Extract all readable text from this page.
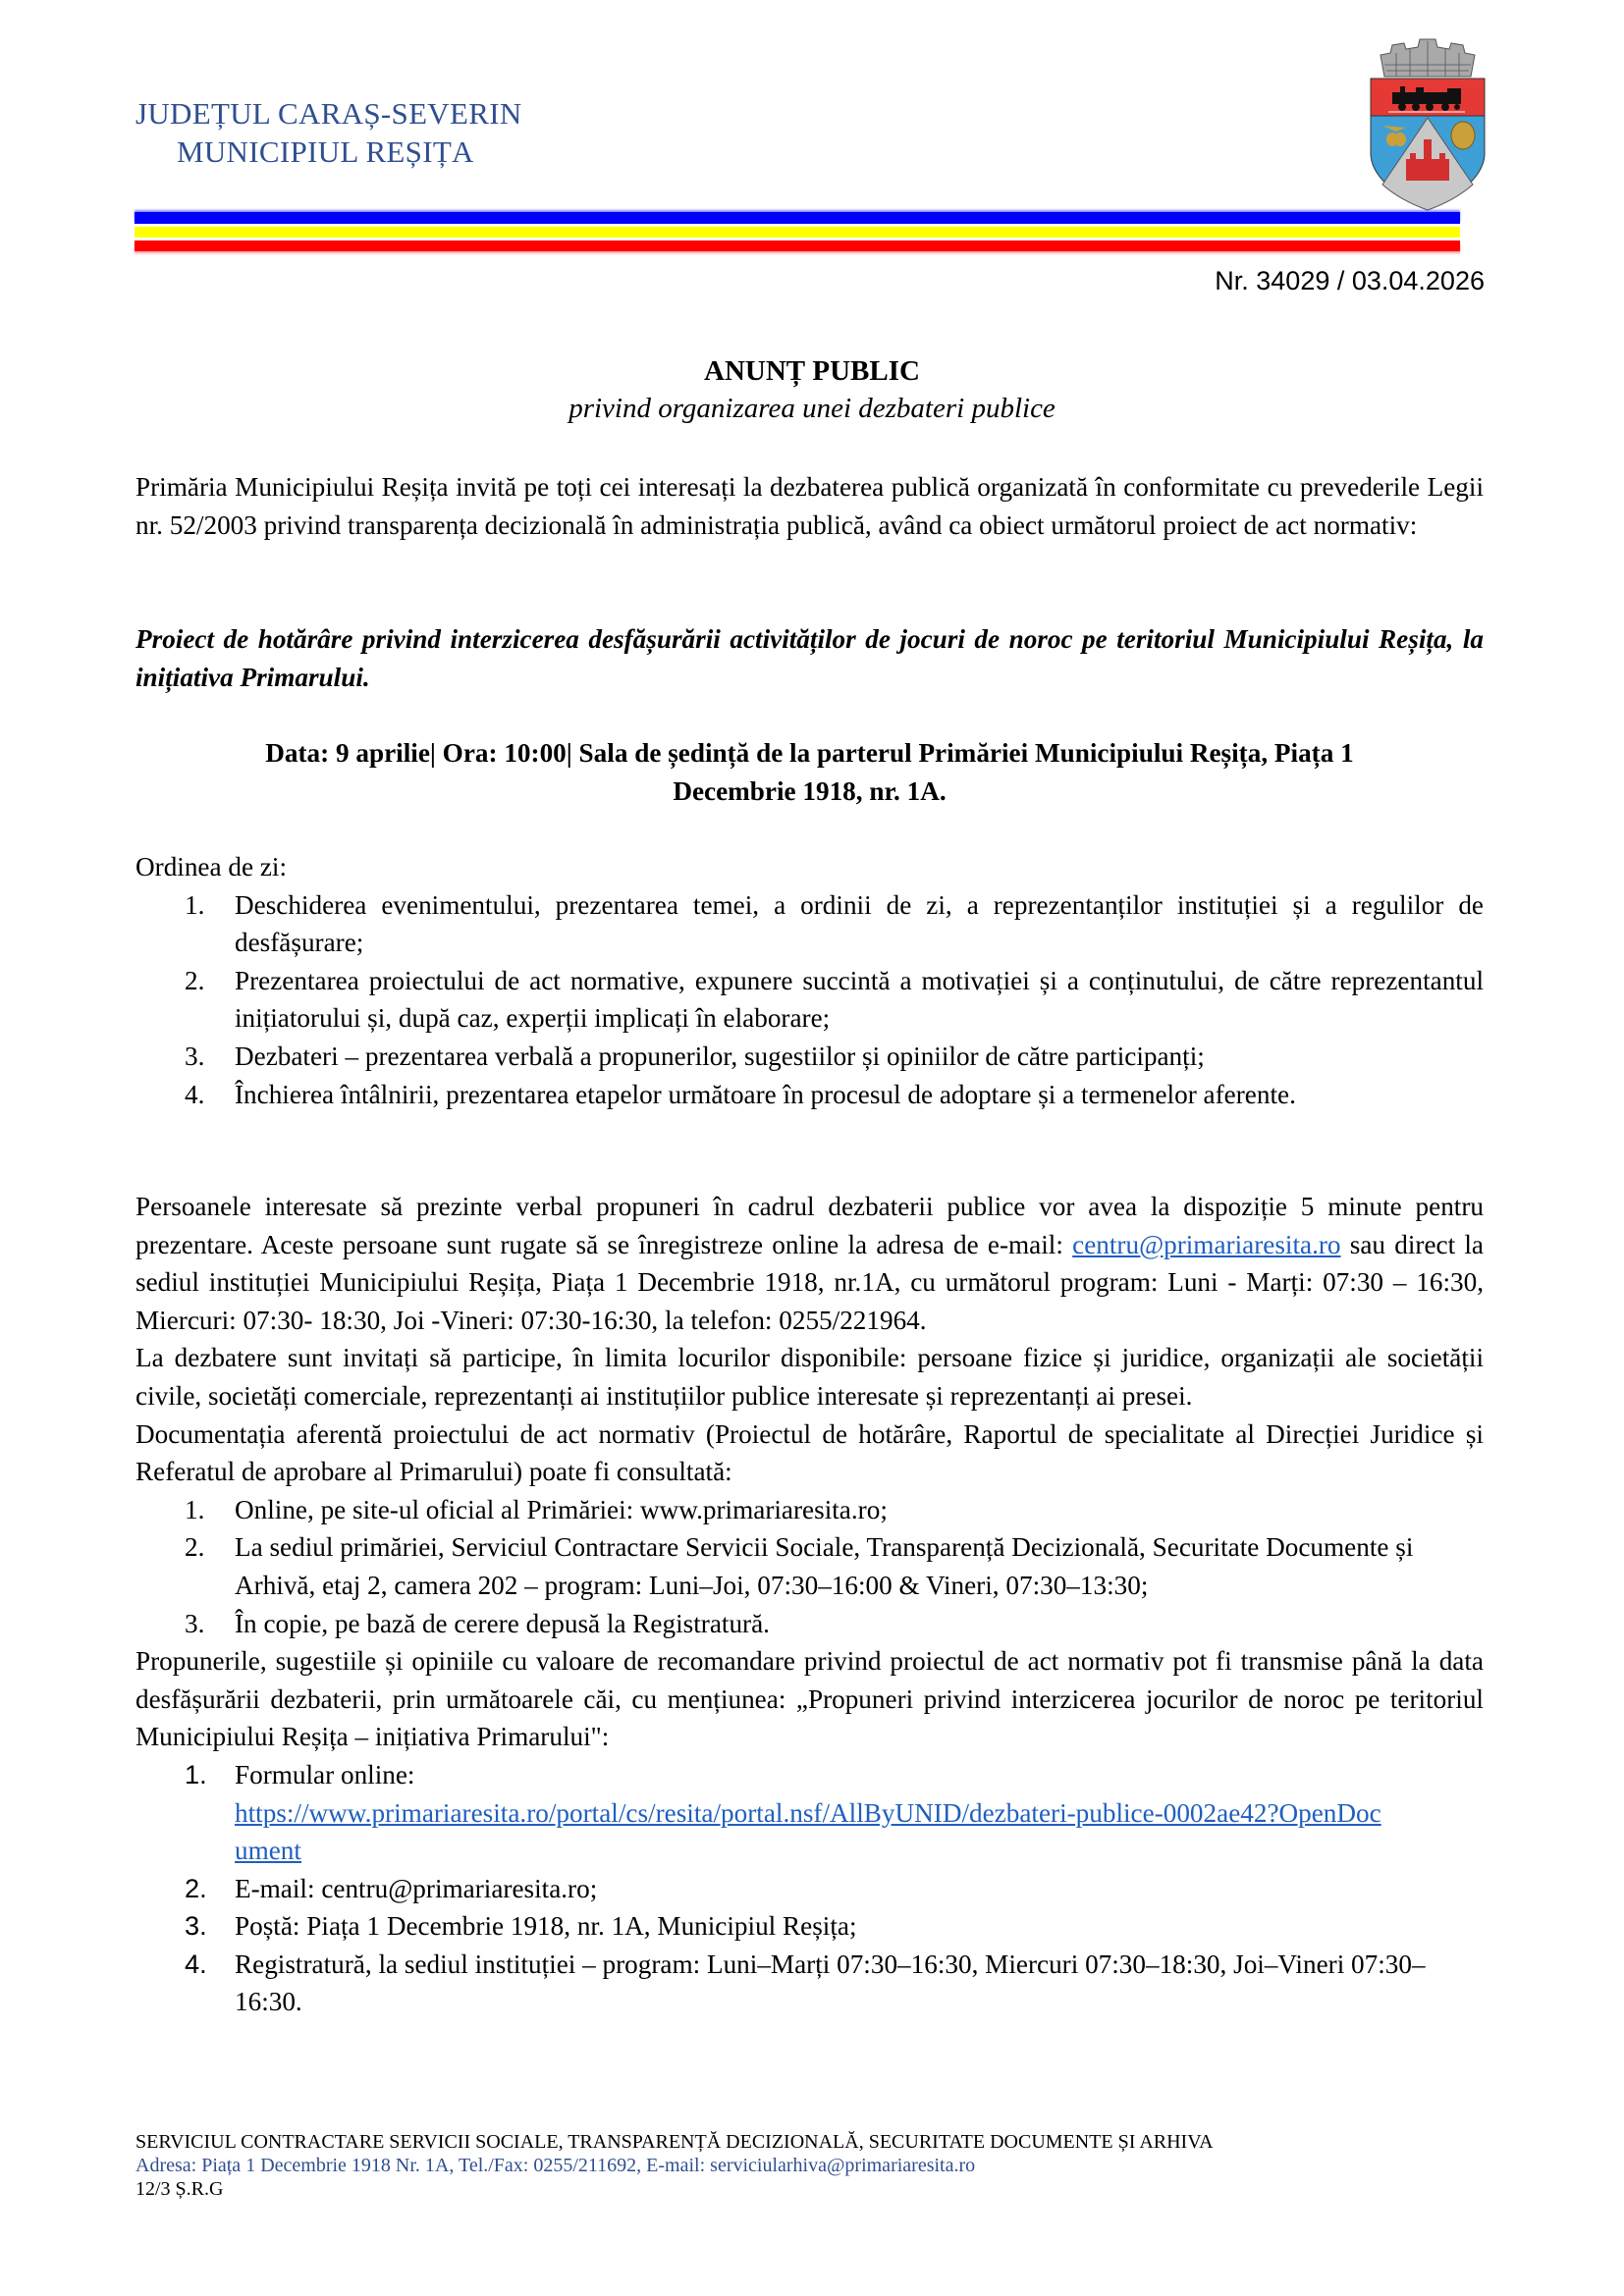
JUDEȚUL CARAȘ-SEVERIN
MUNICIPIUL REȘIȚA
Nr. 34029 / 03.04.2026
ANUNȚ PUBLIC
privind organizarea unei dezbateri publice
Primăria Municipiului Reșița invită pe toți cei interesați la dezbaterea publică organizată în conformitate cu prevederile Legii nr. 52/2003 privind transparența decizională în administrația publică, având ca obiect următorul proiect de act normativ:
Proiect de hotărâre privind interzicerea desfășurării activităților de jocuri de noroc pe teritoriul Municipiului Reșița, la inițiativa Primarului.
Data: 9 aprilie| Ora: 10:00| Sala de ședință de la parterul Primăriei Municipiului Reșița, Piața 1
Decembrie 1918, nr. 1A.

Ordinea de zi:

1. Deschiderea evenimentului, prezentarea temei, a ordinii de zi, a reprezentanților instituției și a regulilor de desfășurare;
2. Prezentarea proiectului de act normative, expunere succintă a motivației și a conținutului, de către reprezentantul inițiatorului și, după caz, experții implicați în elaborare;
3. Dezbateri – prezentarea verbală a propunerilor, sugestiilor și opiniilor de către participanți;
4. Închierea întâlnirii, prezentarea etapelor următoare în procesul de adoptare și a termenelor aferente.

Persoanele interesate să prezinte verbal propuneri în cadrul dezbaterii publice vor avea la dispoziție 5 minute pentru prezentare. Aceste persoane sunt rugate să se înregistreze online la adresa de e-mail: centru@primariaresita.ro sau direct la sediul instituției Municipiului Reșița, Piața 1 Decembrie 1918, nr.1A, cu următorul program: Luni - Marți: 07:30 – 16:30, Miercuri: 07:30- 18:30, Joi -Vineri: 07:30-16:30, la telefon: 0255/221964.

La dezbatere sunt invitați să participe, în limita locurilor disponibile: persoane fizice și juridice, organizații ale societății civile, societăți comerciale, reprezentanți ai instituțiilor publice interesate și reprezentanți ai presei.

Documentația aferentă proiectului de act normativ (Proiectul de hotărâre, Raportul de specialitate al Direcției Juridice și Referatul de aprobare al Primarului) poate fi consultată:

1. Online, pe site-ul oficial al Primăriei: www.primariaresita.ro;
2. La sediul primăriei, Serviciul Contractare Servicii Sociale, Transparență Decizională, Securitate Documente și Arhivă, etaj 2, camera 202 – program: Luni–Joi, 07:30–16:00 & Vineri, 07:30–13:30;
3. În copie, pe bază de cerere depusă la Registratură.

Propunerile, sugestiile și opiniile cu valoare de recomandare privind proiectul de act normativ pot fi transmise până la data desfășurării dezbaterii, prin următoarele căi, cu mențiunea: „Propuneri privind interzicerea jocurilor de noroc pe teritoriul Municipiului Reșița – inițiativa Primarului":

1. Formular online:
https://www.primariaresita.ro/portal/cs/resita/portal.nsf/AllByUNID/dezbateri-publice-0002ae42?OpenDocument
2. E-mail: centru@primariaresita.ro;
3. Poștă: Piața 1 Decembrie 1918, nr. 1A, Municipiul Reșița;
4. Registratură, la sediul instituției – program: Luni–Marți 07:30–16:30, Miercuri 07:30–18:30, Joi–Vineri 07:30–16:30.
SERVICIUL CONTRACTARE SERVICII SOCIALE, TRANSPARENȚĂ DECIZIONALĂ, SECURITATE DOCUMENTE ȘI ARHIVA
Adresa: Piața 1 Decembrie 1918 Nr. 1A, Tel./Fax: 0255/211692, E-mail: serviciularhiva@primariaresita.ro
12/3 Ș.R.G
